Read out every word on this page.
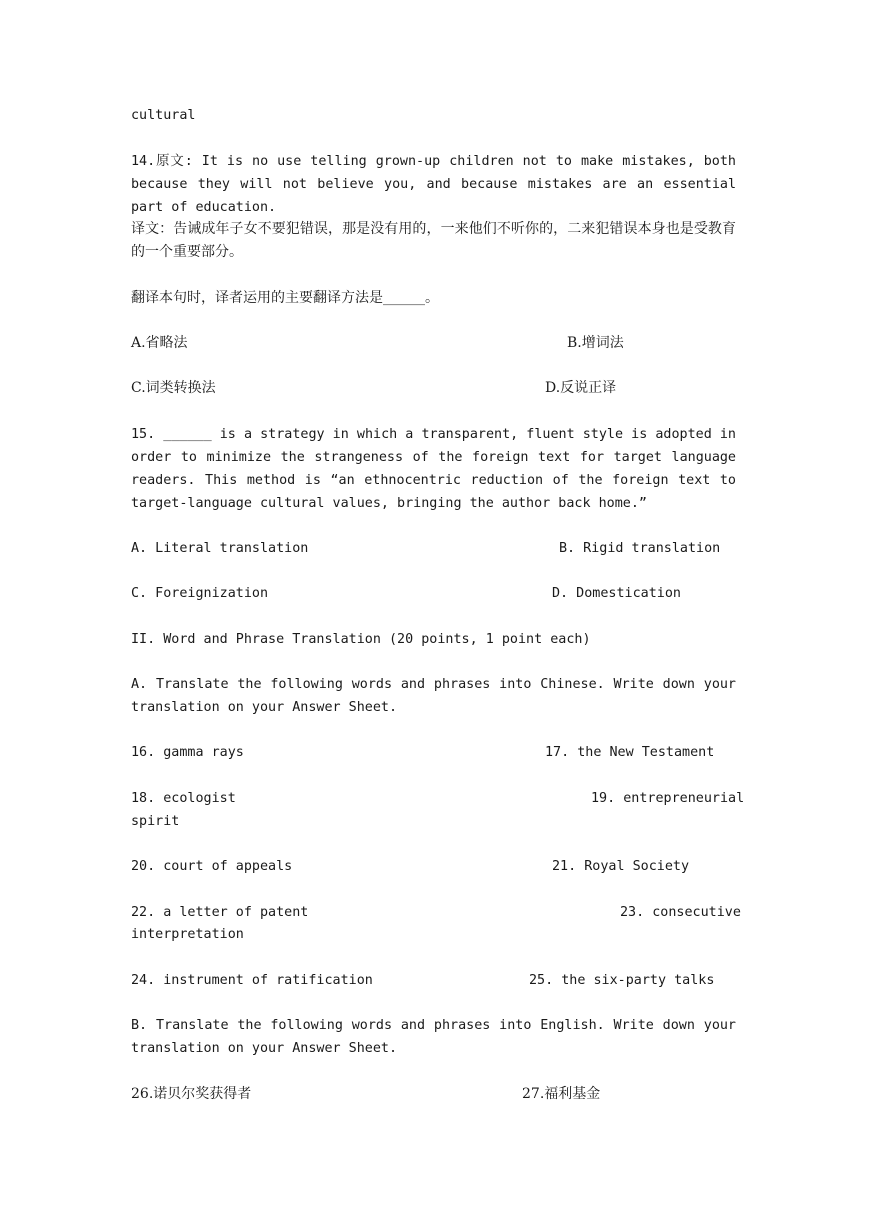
cultural
14.原文: It is no use telling grown-up children not to make mistakes, both because they will not believe you, and because mistakes are an essential part of education.
译文：告诫成年子女不要犯错误，那是没有用的，一来他们不听你的，二来犯错误本身也是受教育的一个重要部分。
翻译本句时，译者运用的主要翻译方法是______。
A.省略法	B.增词法
C.词类转换法	D.反说正译
15. ______ is a strategy in which a transparent, fluent style is adopted in order to minimize the strangeness of the foreign text for target language readers. This method is “an ethnocentric reduction of the foreign text to target-language cultural values, bringing the author back home.”
A. Literal translation	B. Rigid translation
C. Foreignization	D. Domestication
II. Word and Phrase Translation (20 points, 1 point each)
A. Translate the following words and phrases into Chinese. Write down your translation on your Answer Sheet.
16. gamma rays	17. the New Testament
18. ecologist	19. entrepreneurial
spirit
20. court of appeals	21. Royal Society
22. a letter of patent	23. consecutive
interpretation
24. instrument of ratification	25. the six-party talks
B. Translate the following words and phrases into English. Write down your translation on your Answer Sheet.
26.诺贝尔奖获得者	27.福利基金
